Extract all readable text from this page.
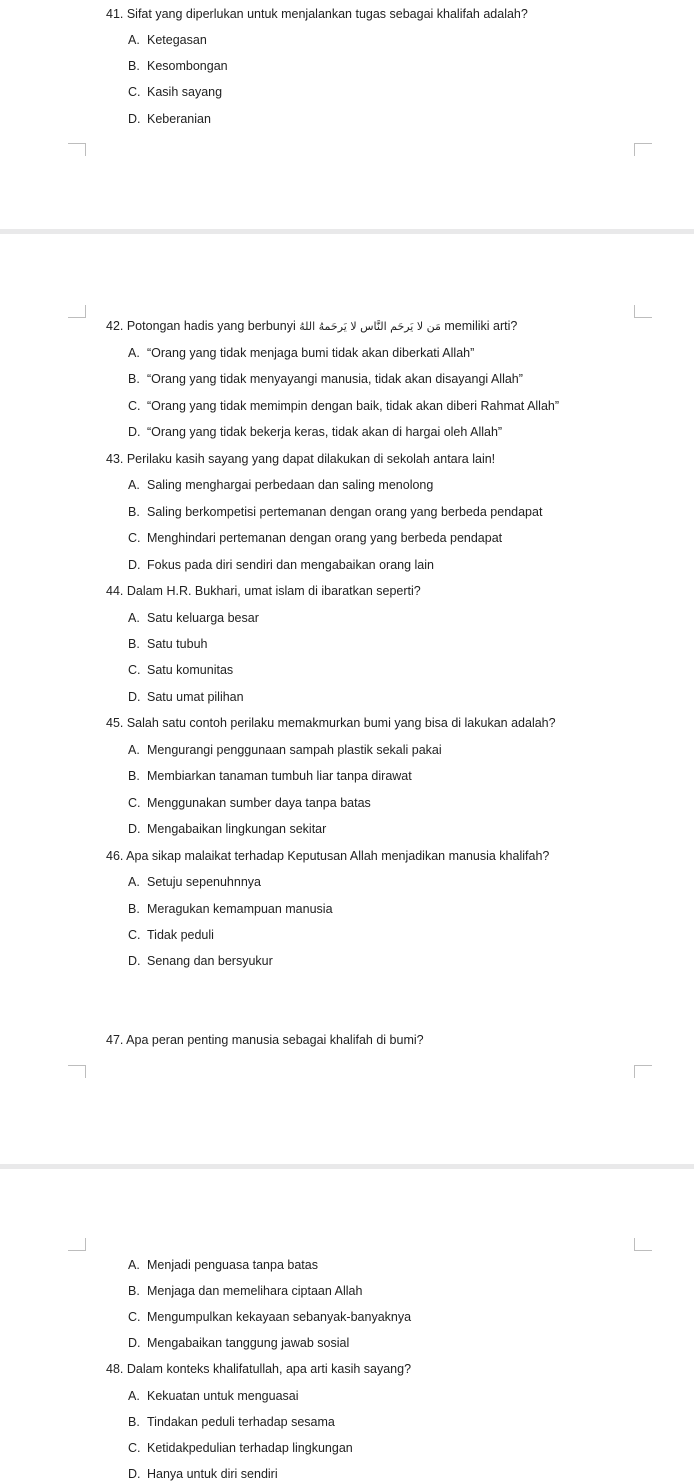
41. Sifat yang diperlukan untuk menjalankan tugas sebagai khalifah adalah?
A. Ketegasan
B. Kesombongan
C. Kasih sayang
D. Keberanian
42. Potongan hadis yang berbunyi مَن لا يَرحَم النَّاس لا يَرحَمهُ اللهُ memiliki arti?
A. “Orang yang tidak menjaga bumi tidak akan diberkati Allah”
B. “Orang yang tidak menyayangi manusia, tidak akan disayangi Allah”
C. “Orang yang tidak memimpin dengan baik, tidak akan diberi Rahmat Allah”
D. “Orang yang tidak bekerja keras, tidak akan di hargai oleh Allah”
43. Perilaku kasih sayang yang dapat dilakukan di sekolah antara lain!
A. Saling menghargai perbedaan dan saling menolong
B. Saling berkompetisi pertemanan dengan orang yang berbeda pendapat
C. Menghindari pertemanan dengan orang yang berbeda pendapat
D. Fokus pada diri sendiri dan mengabaikan orang lain
44. Dalam H.R. Bukhari, umat islam di ibaratkan seperti?
A. Satu keluarga besar
B. Satu tubuh
C. Satu komunitas
D. Satu umat pilihan
45. Salah satu contoh perilaku memakmurkan bumi yang bisa di lakukan adalah?
A. Mengurangi penggunaan sampah plastik sekali pakai
B. Membiarkan tanaman tumbuh liar tanpa dirawat
C. Menggunakan sumber daya tanpa batas
D. Mengabaikan lingkungan sekitar
46. Apa sikap malaikat terhadap Keputusan Allah menjadikan manusia khalifah?
A. Setuju sepenuhnnya
B. Meragukan kemampuan manusia
C. Tidak peduli
D. Senang dan bersyukur
47. Apa peran penting manusia sebagai khalifah di bumi?
A. Menjadi penguasa tanpa batas
B. Menjaga dan memelihara ciptaan Allah
C. Mengumpulkan kekayaan sebanyak-banyaknya
D. Mengabaikan tanggung jawab sosial
48. Dalam konteks khalifatullah, apa arti kasih sayang?
A. Kekuatan untuk menguasai
B. Tindakan peduli terhadap sesama
C. Ketidakpedulian terhadap lingkungan
D. Hanya untuk diri sendiri
